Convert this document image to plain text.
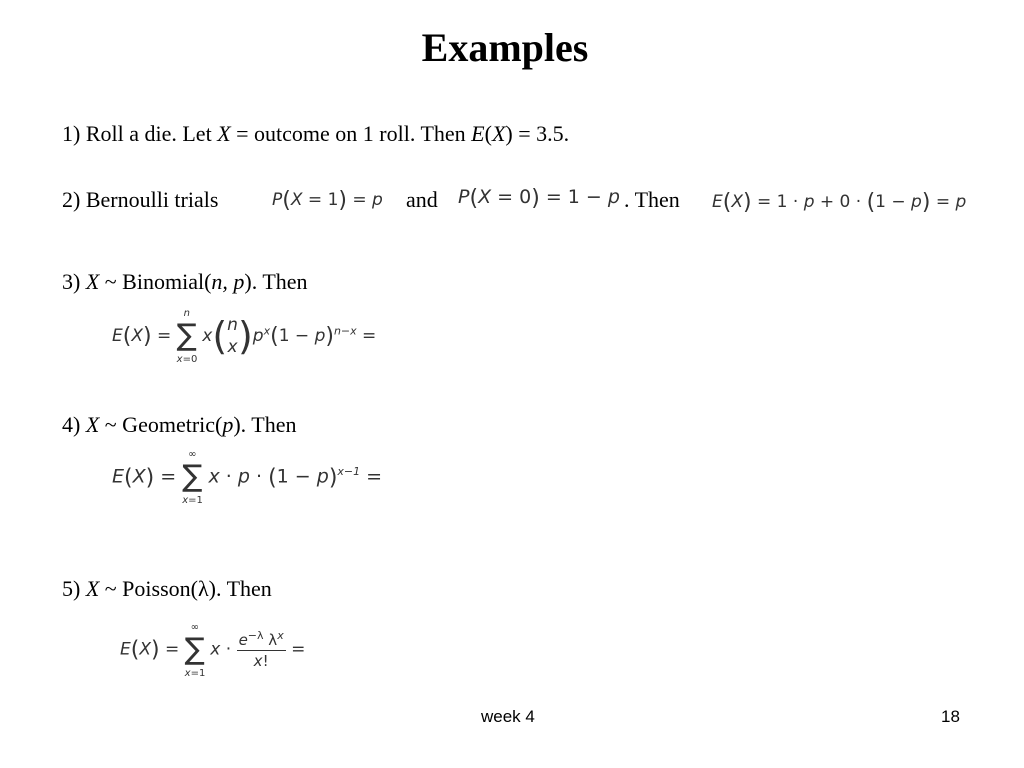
Examples
1) Roll a die. Let X = outcome on 1 roll. Then E(X) = 3.5.
2) Bernoulli trials	P(X = 1) = p and P(X = 0) = 1 − p . Then E(X) = 1 · p + 0 · (1 − p) = p
3) X ~ Binomial(n, p). Then
E(X) =
n
∑
x=0
x(n
$x)p^x(1 - p)^{n-x}$ =
4) X ~ Geometric(p). Then
E(X) =
∞
∑
x=1
$x \cdot p \cdot (1 - p)^{x-1}$ =
5) X ~ Poisson(λ). Then
E(X) =
∞
∑
x=1
$x \cdot \frac{e^{-\lambda} \lambda^x}{x!}$ =
week 4	18
